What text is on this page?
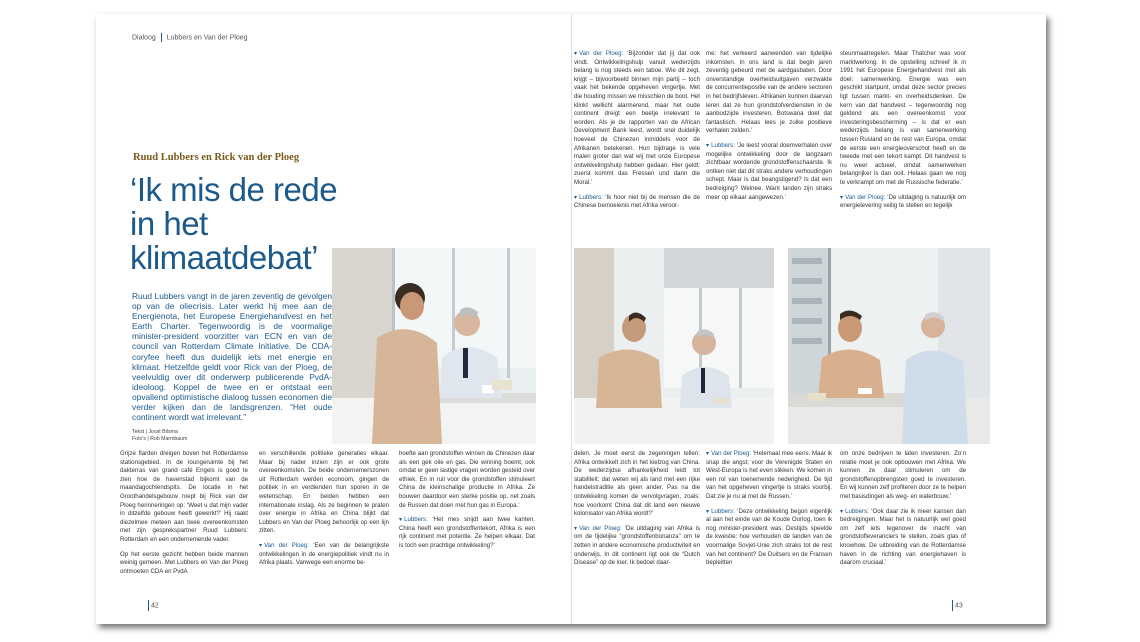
Dialoog Lubbers en Van der Ploeg
Ruud Lubbers en Rick van der Ploeg
‘Ik mis de rede in het klimaatdebat’
Ruud Lubbers vangt in de jaren zeventig de gevolgen op van de oliecrisis. Later werkt hij mee aan de Energienota, het Europese Energiehandvest en het Earth Charter. Tegenwoordig is de voormalige minister-president voorzitter van ECN en van de council van Rotterdam Climate Initiative. De CDA-coryfee heeft dus duidelijk iets met energie en klimaat. Hetzelfde geldt voor Rick van der Ploeg, de veelvuldig over dit onderwerp publicerende PvdA-ideoloog. Koppel de twee en er ontstaat een opvallend optimistische dialoog tussen economen die verder kijken dan de landsgrenzen. “Het oude continent wordt wat irrelevant.”
Tekst | Joost Bilsma
Foto's | Rob Marmbaum

Grijze flarden dreigen boven het Rotterdamse stationsgebied. In de loungeruimte bij het dakterras van grand café Engels is goed te zien hoe de havenstad bijkomt van de maandagochtendspits. De locatie in het Groothandelsgebouw roept bij Rick van der Ploeg herinneringen op: ‘Weet u dat mijn vader in ditzelfde gebouw heeft gewerkt?’ Hij raakt diezelmee meteen aan twee overeenkomsten met zijn gesprekspartner Ruud Lubbers: Rotterdam en een ondernemende vader.

Op het eerste gezicht hebben beide mannen weinig gemeen. Met Lubbers en Van der Ploeg ontmoeten CDA en PvdA

en verschillende politieke generaties elkaar. Maar bij nader inzien zijn er ook grote overeenkomsten. De beide ondernemerszonen uit Rotterdam werden econoom, gingen de politiek in en verdienden hun sporen in de wetenschap. En beiden hebben een internationale inslag. Als ze beginnen te praten over energie in Afrika en China blijkt dat Lubbers en Van der Ploeg behoorlijk op een lijn zitten.

▾ Van der Ploeg: ‘Een van de belangrijkste ontwikkelingen in de energiepolitiek vindt nu in Afrika plaats. Vanwege een enorme be-

hoefte aan grondstoffen winnen de Chinezen daar als een gek olie en gas. Die winning boemt, ook omdat er geen lastige vragen worden gesteld over ethiek. En in ruil voor die grondstoffen stimuleert China de kleinschalige productie in Afrika. Ze bouwen daardoor een sterke positie op, net zoals de Russen dat doen met hun gas in Europa.’

▾ Lubbers: ‘Het mes snijdt aan twee kanten. China heeft een grondstoffentekort, Afrika is een rijk continent met potentie. Ze helpen elkaar. Dat is toch een prachtige ontwikkeling?’

42

▾ Van der Ploeg: ‘Bijzonder dat jij dat ook vindt. Ontwikkelingshulp vanuit wederzijds belang is nog steeds een taboe. Wie dit zegt, krijgt – bijvoorbeeld binnen mijn partij – toch vaak het bekende opgeheven vingertje. Met die houding missen we misschien de boot. Het klinkt wellicht alarmerend, maar het oude continent dreigt een beetje irrelevant te worden. Als je de rapporten van de African Development Bank leest, wordt snel duidelijk hoeveel de Chinezen inmiddels voor de Afrikanen betekenen. Hun bijdrage is vele malen groter dan wat wij met onze Europese ontwikkelingshulp hebben gedaan. Hier geldt: zuerst kommt das Fressen und dann die Moral.’

▾ Lubbers: ‘Ik hoor niet bij de mensen die de Chinese bemoeienis met Afrika veroor-

me: het verkeerd aanwenden van tijdelijke inkomsten. In ons land is dat begin jaren zeventig gebeurd met de aardgasbaten. Door onverstandige overheidsuitgaven verzwakte de concurrentiepositie van de andere sectoren in het bedrijfsleven. Afrikanen kunnen daarvan leren dat ze hun grondstofverdiensten in de aanbodzijde investeren. Botswana doet dat fantastisch. Helaas lees je zulke positieve verhalen zelden.’

▾ Lubbers: ‘Je leest vooral doemverhalen over mogelijke ontwikkeling door de langzaam zichtbaar wordende grondstoffenschaarste. Ik ontken niet dat dit straks andere verhoudingen schept. Maar is dat beangstigend? Is dat een bedreiging? Welnee. Want landen zijn straks meer op elkaar aangewezen.’

steunmaatregelen. Maar Thatcher was voor marktwerking. In de opstelling schreef ik in 1991 het Europese Energiehandvest met als doel: samenwerking. Energie was een geschikt startpunt, omdat deze sector precies ligt tussen markt- en overheidsdenken. De kern van dat handvest – tegenwoordig nog geldend als een overeenkomst voor investeringsbescherming – is dat er een wederzijds belang is van samenwerking tussen Rusland en de rest van Europa, omdat de eerste een energieoverschot heeft en de tweede met een tekort kampt. Dit handvest is nu weer actueel, omdat samenwerken belangrijker is dan ooit. Helaas gaan we nog te verkrampt om met de Russische federatie.’

▾ Van der Ploeg: ‘De uitdaging is natuurlijk om energielevering veilig te stellen en tegelijk

delen. Je moet eerst de zegeningen tellen: Afrika ontwikkelt zich in het kielzog van China. De wederzijdse afhankelijkheid leidt tot stabiliteit; dat weten wij als land met een rijke handelstraditie als geen ander. Pas na die ontwikkeling komen de vervolgvragen, zoals: hoe voorkomt China dat dit land een nieuwe kolonisator van Afrika wordt?’

▾ Van der Ploeg: ‘De uitdaging van Afrika is om de tijdelijke “grondstoffenbonanza” om te zetten in andere economische productiviteit en onderwijs. In dit continent ligt ook de “Dutch Disease” op de loer. Ik bedoel daar-

▾ Van der Ploeg: ‘Helemaal mee eens. Maar ik snap die angst; voor de Verenigde Staten en West-Europa is het even slikken. We komen in een rol van toenemende nederigheid. De tijd van het opgeheven vingertje is straks voorbij. Dat zie je nu al met de Russen.’

▾ Lubbers: ‘Deze ontwikkeling begon eigenlijk al aan het einde van de Koude Oorlog, toen ik nog minister-president was. Destijds speelde de kwestie: hoe verhouden de landen van de voormalige Sovjet-Unie zich straks tot de rest van het continent? De Duitsers en de Fransen bepleitten

om onze bedrijven te laten investeren. Zo’n relatie moet je ook opbouwen met Afrika. We kunnen ze daar stimuleren om de grondstoffenopbrengsten goed te investeren. En wij kunnen zelf profiteren door ze te helpen met basisdingen als weg- en waterbouw.’

▾ Lubbers: ‘Ook daar zie ik meer kansen dan bedreigingen. Maar het is natuurlijk wel goed om zelf iets tegenover de macht van grondstofleveranciers te stellen, zoals glas of knowhow. De uitbreiding van de Rotterdamse haven in de richting van energiehaven is daarom cruciaal.’

43
